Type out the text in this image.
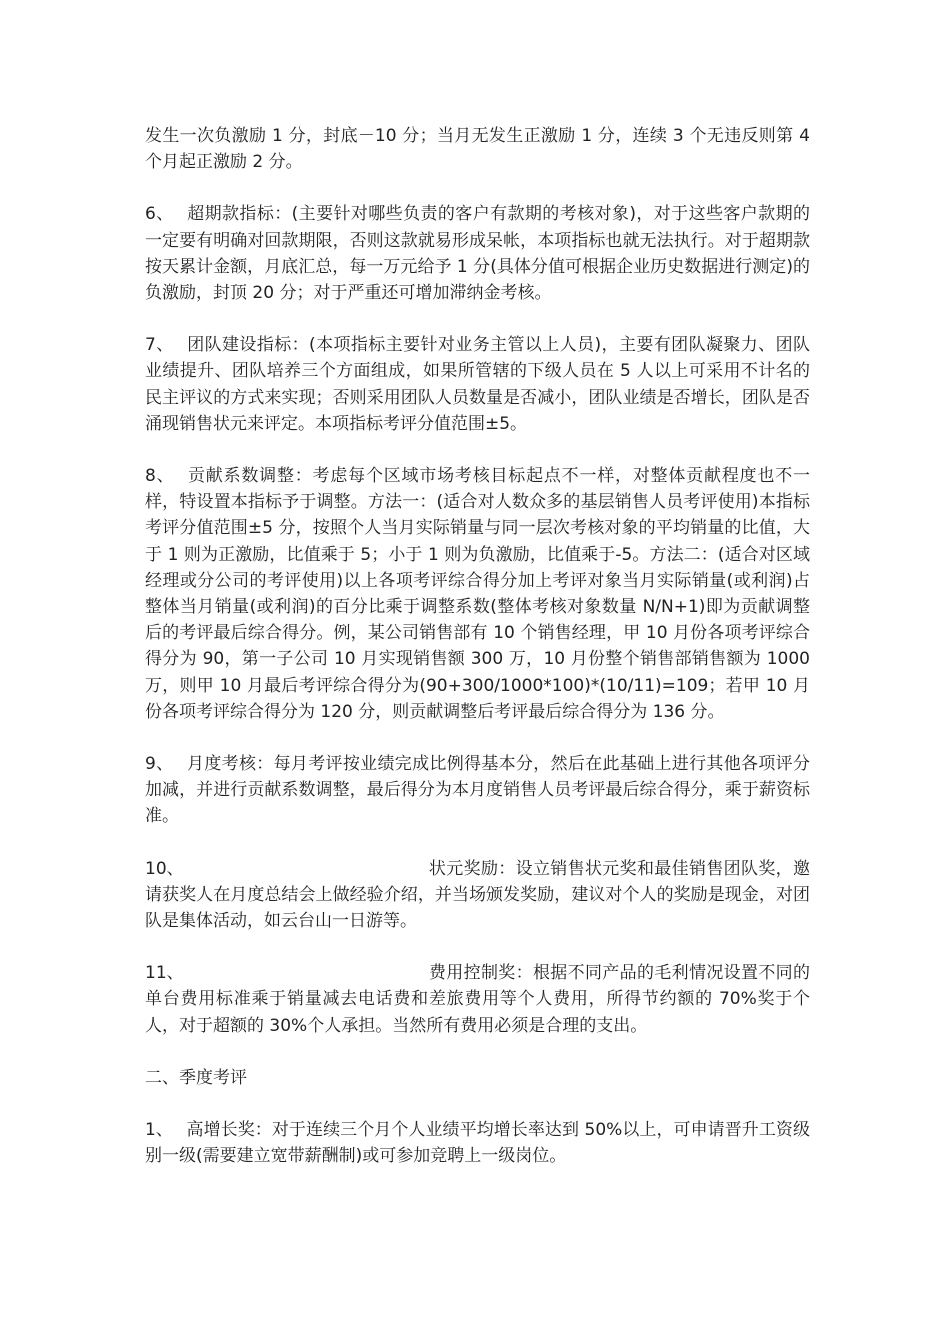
发生一次负激励 1 分，封底－10 分；当月无发生正激励 1 分，连续 3 个无违反则第 4 个月起正激励 2 分。

6、 超期款指标：(主要针对哪些负责的客户有款期的考核对象)，对于这些客户款期的一定要有明确对回款期限，否则这款就易形成呆帐，本项指标也就无法执行。对于超期款按天累计金额，月底汇总，每一万元给予 1 分(具体分值可根据企业历史数据进行测定)的负激励，封顶 20 分；对于严重还可增加滞纳金考核。

7、 团队建设指标：(本项指标主要针对业务主管以上人员)，主要有团队凝聚力、团队业绩提升、团队培养三个方面组成，如果所管辖的下级人员在 5 人以上可采用不计名的民主评议的方式来实现；否则采用团队人员数量是否减小，团队业绩是否增长，团队是否涌现销售状元来评定。本项指标考评分值范围±5。

8、 贡献系数调整：考虑每个区域市场考核目标起点不一样，对整体贡献程度也不一样，特设置本指标予于调整。方法一：(适合对人数众多的基层销售人员考评使用)本指标考评分值范围±5 分，按照个人当月实际销量与同一层次考核对象的平均销量的比值，大于 1 则为正激励，比值乘于 5；小于 1 则为负激励，比值乘于-5。方法二：(适合对区域经理或分公司的考评使用)以上各项考评综合得分加上考评对象当月实际销量(或利润)占整体当月销量(或利润)的百分比乘于调整系数(整体考核对象数量 N/N+1)即为贡献调整后的考评最后综合得分。例，某公司销售部有 10 个销售经理，甲 10 月份各项考评综合得分为 90，第一子公司 10 月实现销售额 300 万，10 月份整个销售部销售额为 1000 万，则甲 10 月最后考评综合得分为(90+300/1000*100)*(10/11)=109；若甲 10 月份各项考评综合得分为 120 分，则贡献调整后考评最后综合得分为 136 分。

9、 月度考核：每月考评按业绩完成比例得基本分，然后在此基础上进行其他各项评分加减，并进行贡献系数调整，最后得分为本月度销售人员考评最后综合得分，乘于薪资标准。

10、	状元奖励：设立销售状元奖和最佳销售团队奖，邀请获奖人在月度总结会上做经验介绍，并当场颁发奖励，建议对个人的奖励是现金，对团队是集体活动，如云台山一日游等。

11、	费用控制奖：根据不同产品的毛利情况设置不同的单台费用标准乘于销量减去电话费和差旅费用等个人费用，所得节约额的 70%奖于个人，对于超额的 30%个人承担。当然所有费用必须是合理的支出。

二、季度考评

1、 高增长奖：对于连续三个月个人业绩平均增长率达到 50%以上，可申请晋升工资级别一级(需要建立宽带薪酬制)或可参加竞聘上一级岗位。
